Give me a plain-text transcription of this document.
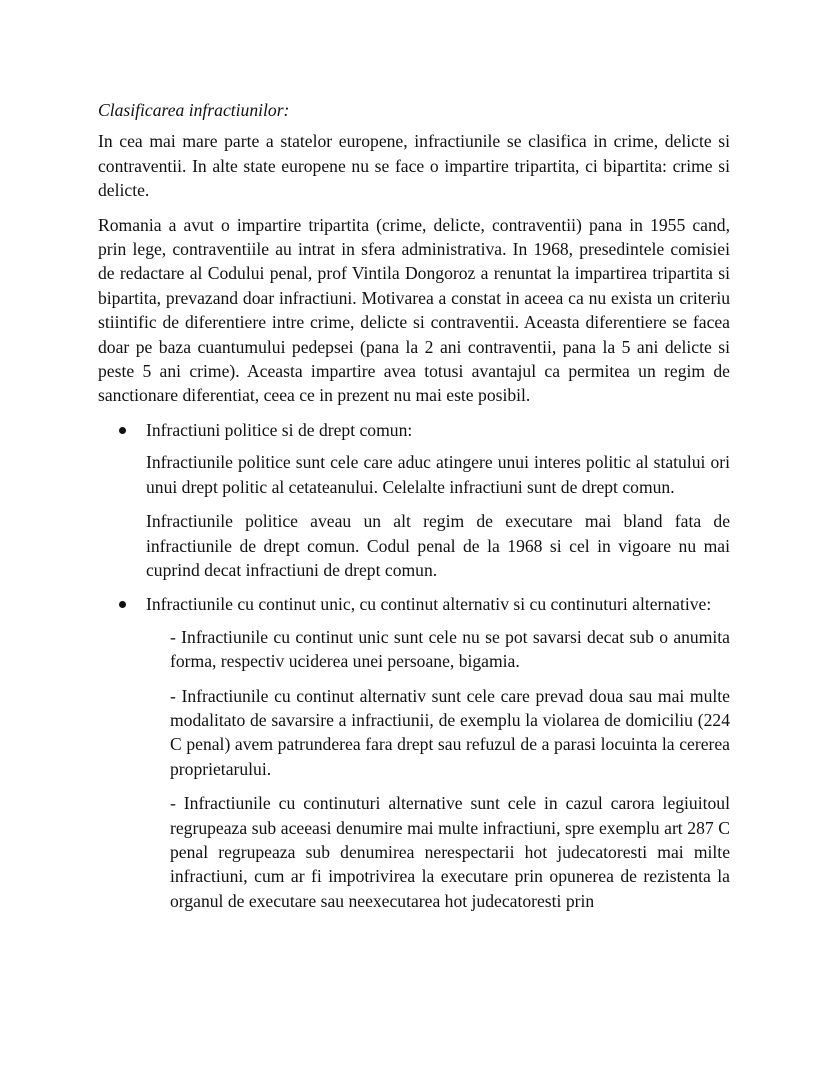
Clasificarea infractiunilor:

In cea mai mare parte a statelor europene, infractiunile se clasifica in crime, delicte si contraventii. In alte state europene nu se face o impartire tripartita, ci bipartita: crime si delicte.

Romania a avut o impartire tripartita (crime, delicte, contraventii) pana in 1955 cand, prin lege, contraventiile au intrat in sfera administrativa. In 1968, presedintele comisiei de redactare al Codului penal, prof Vintila Dongoroz a renuntat la impartirea tripartita si bipartita, prevazand doar infractiuni. Motivarea a constat in aceea ca nu exista un criteriu stiintific de diferentiere intre crime, delicte si contraventii. Aceasta diferentiere se facea doar pe baza cuantumului pedepsei (pana la 2 ani contraventii, pana la 5 ani delicte si peste 5 ani crime). Aceasta impartire avea totusi avantajul ca permitea un regim de sanctionare diferentiat, ceea ce in prezent nu mai este posibil.

Infractiuni politice si de drept comun:

Infractiunile politice sunt cele care aduc atingere unui interes politic al statului ori unui drept politic al cetateanului. Celelalte infractiuni sunt de drept comun.

Infractiunile politice aveau un alt regim de executare mai bland fata de infractiunile de drept comun. Codul penal de la 1968 si cel in vigoare nu mai cuprind decat infractiuni de drept comun.

Infractiunile cu continut unic, cu continut alternativ si cu continuturi alternative:

- Infractiunile cu continut unic sunt cele nu se pot savarsi decat sub o anumita forma, respectiv uciderea unei persoane, bigamia.

- Infractiunile cu continut alternativ sunt cele care prevad doua sau mai multe modalitato de savarsire a infractiunii, de exemplu la violarea de domiciliu (224 C penal) avem patrunderea fara drept sau refuzul de a parasi locuinta la cererea proprietarului.

- Infractiunile cu continuturi alternative sunt cele in cazul carora legiuitoul regrupeaza sub aceeasi denumire mai multe infractiuni, spre exemplu art 287 C penal regrupeaza sub denumirea nerespectarii hot judecatoresti mai milte infractiuni, cum ar fi impotrivirea la executare prin opunerea de rezistenta la organul de executare sau neexecutarea hot judecatoresti prin
